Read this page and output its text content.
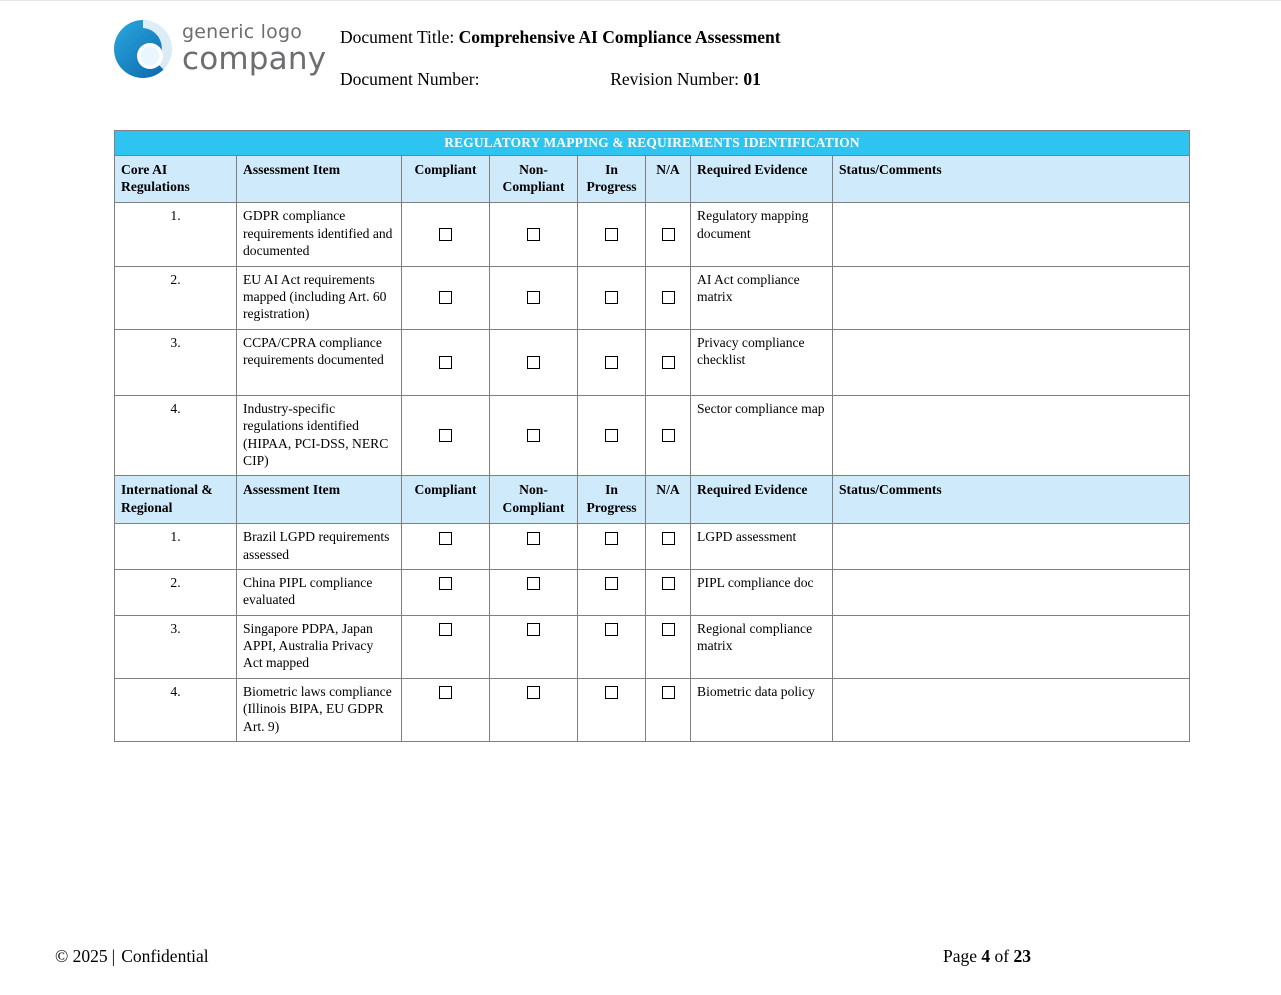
generic logo
company
Document Title: Comprehensive AI Compliance Assessment
Document Number:	Revision Number: 01
REGULATORY MAPPING & REQUIREMENTS IDENTIFICATION							
Core AI Regulations	Assessment Item	Compliant	Non-Compliant	In Progress	N/A	Required Evidence	Status/Comments
1.	GDPR compliance requirements identified and documented					Regulatory mapping document	
2.	EU AI Act requirements mapped (including Art. 60 registration)					AI Act compliance matrix	
3.	CCPA/CPRA compliance requirements documented					Privacy compliance checklist	
4.	Industry-specific regulations identified (HIPAA, PCI-DSS, NERC CIP)					Sector compliance map	
International & Regional	Assessment Item	Compliant	Non-Compliant	In Progress	N/A	Required Evidence	Status/Comments
1.	Brazil LGPD requirements assessed					LGPD assessment	
2.	China PIPL compliance evaluated					PIPL compliance doc	
3.	Singapore PDPA, Japan APPI, Australia Privacy Act mapped					Regional compliance matrix	
4.	Biometric laws compliance (Illinois BIPA, EU GDPR Art. 9)					Biometric data policy	
© 2025 | Confidential	Page 4 of 23
